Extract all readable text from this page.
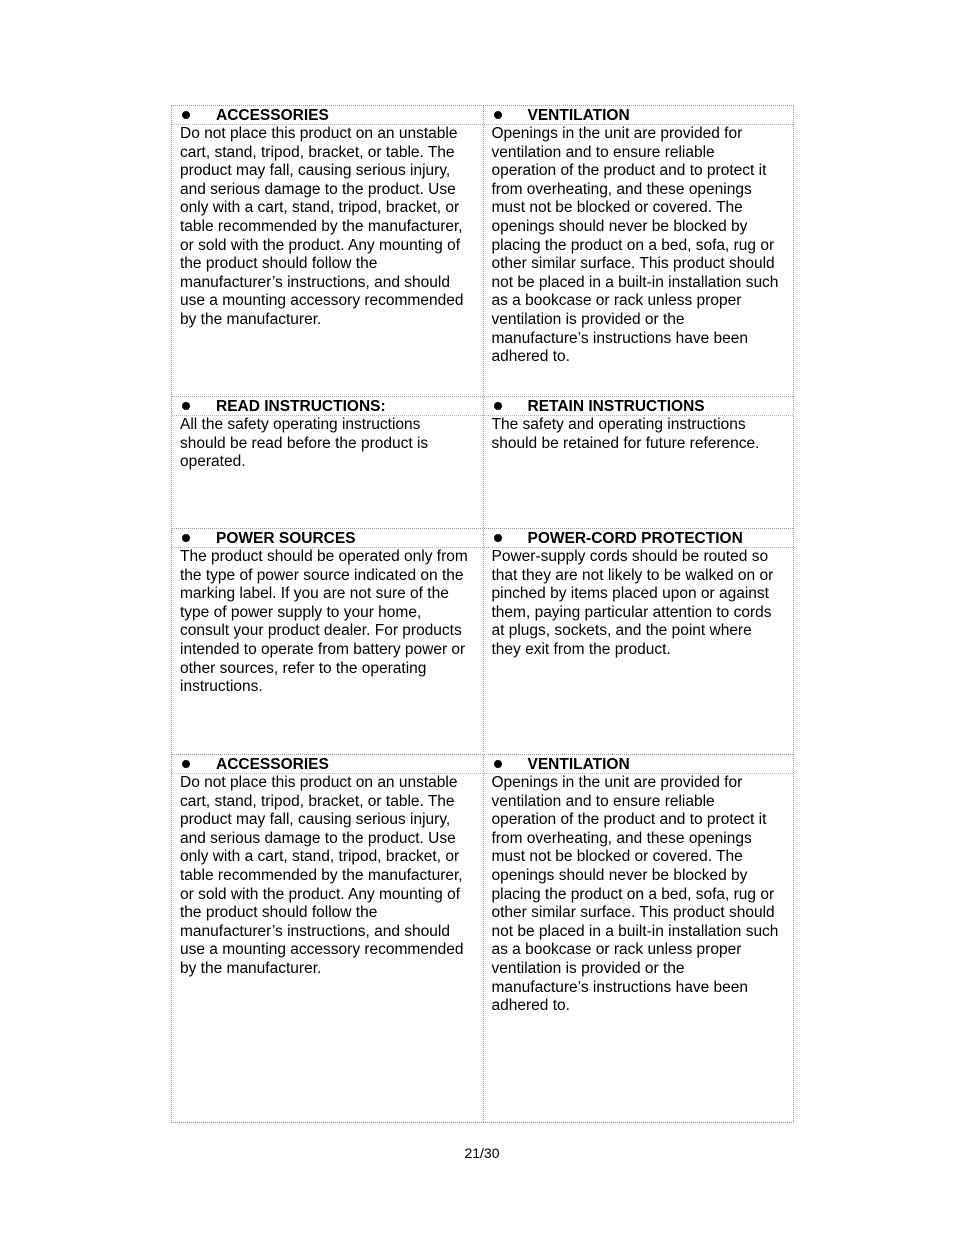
ACCESSORIES
Do not place this product on an unstable
cart, stand, tripod, bracket, or table. The
product may fall, causing serious injury,
and serious damage to the product. Use
only with a cart, stand, tripod, bracket, or
table recommended by the manufacturer,
or sold with the product. Any mounting of
the product should follow the
manufacturer’s instructions, and should
use a mounting accessory recommended
by the manufacturer.
VENTILATION
Openings in the unit are provided for
ventilation and to ensure reliable
operation of the product and to protect it
from overheating, and these openings
must not be blocked or covered. The
openings should never be blocked by
placing the product on a bed, sofa, rug or
other similar surface. This product should
not be placed in a built-in installation such
as a bookcase or rack unless proper
ventilation is provided or the
manufacture’s instructions have been
adhered to.
READ INSTRUCTIONS:
All the safety operating instructions
should be read before the product is
operated.
RETAIN INSTRUCTIONS
The safety and operating instructions
should be retained for future reference.
POWER SOURCES
The product should be operated only from
the type of power source indicated on the
marking label. If you are not sure of the
type of power supply to your home,
consult your product dealer. For products
intended to operate from battery power or
other sources, refer to the operating
instructions.
POWER-CORD PROTECTION
Power-supply cords should be routed so
that they are not likely to be walked on or
pinched by items placed upon or against
them, paying particular attention to cords
at plugs, sockets, and the point where
they exit from the product.
ACCESSORIES
Do not place this product on an unstable
cart, stand, tripod, bracket, or table. The
product may fall, causing serious injury,
and serious damage to the product. Use
only with a cart, stand, tripod, bracket, or
table recommended by the manufacturer,
or sold with the product. Any mounting of
the product should follow the
manufacturer’s instructions, and should
use a mounting accessory recommended
by the manufacturer.
VENTILATION
Openings in the unit are provided for
ventilation and to ensure reliable
operation of the product and to protect it
from overheating, and these openings
must not be blocked or covered. The
openings should never be blocked by
placing the product on a bed, sofa, rug or
other similar surface. This product should
not be placed in a built-in installation such
as a bookcase or rack unless proper
ventilation is provided or the
manufacture’s instructions have been
adhered to.
21/30
